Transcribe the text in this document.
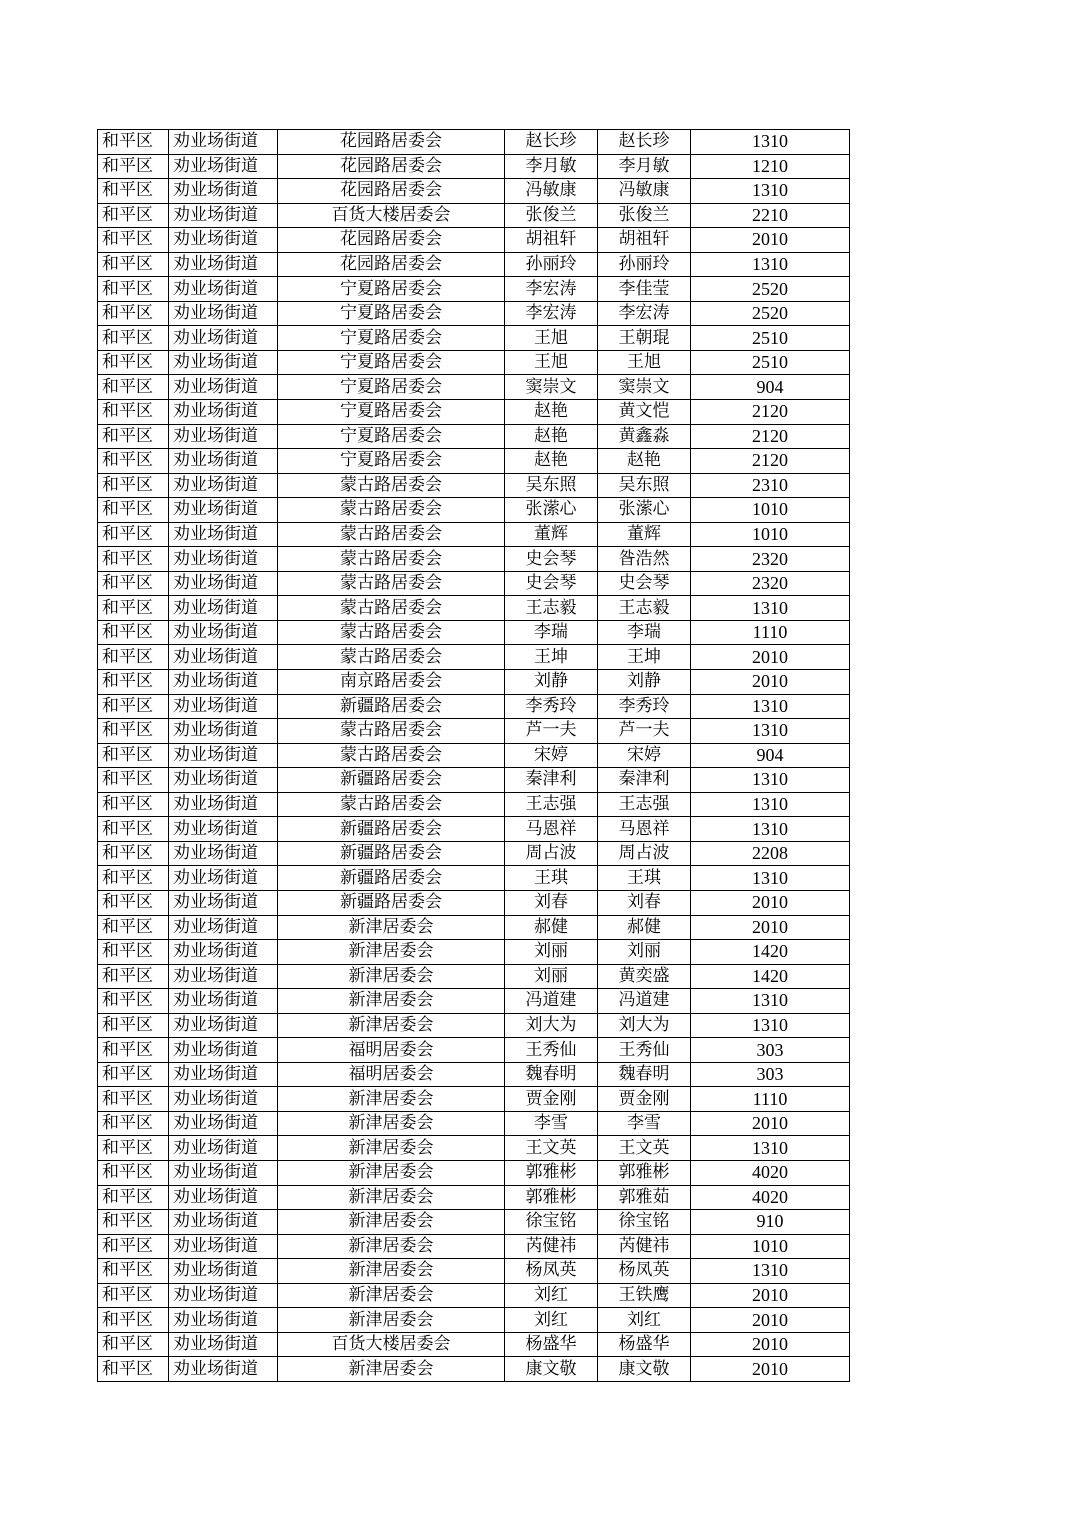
和平区	劝业场街道	花园路居委会	赵长珍	赵长珍	1310
和平区	劝业场街道	花园路居委会	李月敏	李月敏	1210
和平区	劝业场街道	花园路居委会	冯敏康	冯敏康	1310
和平区	劝业场街道	百货大楼居委会	张俊兰	张俊兰	2210
和平区	劝业场街道	花园路居委会	胡祖轩	胡祖轩	2010
和平区	劝业场街道	花园路居委会	孙丽玲	孙丽玲	1310
和平区	劝业场街道	宁夏路居委会	李宏涛	李佳莹	2520
和平区	劝业场街道	宁夏路居委会	李宏涛	李宏涛	2520
和平区	劝业场街道	宁夏路居委会	王旭	王朝琨	2510
和平区	劝业场街道	宁夏路居委会	王旭	王旭	2510
和平区	劝业场街道	宁夏路居委会	窦崇文	窦崇文	904
和平区	劝业场街道	宁夏路居委会	赵艳	黄文恺	2120
和平区	劝业场街道	宁夏路居委会	赵艳	黄鑫淼	2120
和平区	劝业场街道	宁夏路居委会	赵艳	赵艳	2120
和平区	劝业场街道	蒙古路居委会	吴东照	吴东照	2310
和平区	劝业场街道	蒙古路居委会	张潆心	张潆心	1010
和平区	劝业场街道	蒙古路居委会	董辉	董辉	1010
和平区	劝业场街道	蒙古路居委会	史会琴	昝浩然	2320
和平区	劝业场街道	蒙古路居委会	史会琴	史会琴	2320
和平区	劝业场街道	蒙古路居委会	王志毅	王志毅	1310
和平区	劝业场街道	蒙古路居委会	李瑞	李瑞	1110
和平区	劝业场街道	蒙古路居委会	王坤	王坤	2010
和平区	劝业场街道	南京路居委会	刘静	刘静	2010
和平区	劝业场街道	新疆路居委会	李秀玲	李秀玲	1310
和平区	劝业场街道	蒙古路居委会	芦一夫	芦一夫	1310
和平区	劝业场街道	蒙古路居委会	宋婷	宋婷	904
和平区	劝业场街道	新疆路居委会	秦津利	秦津利	1310
和平区	劝业场街道	蒙古路居委会	王志强	王志强	1310
和平区	劝业场街道	新疆路居委会	马恩祥	马恩祥	1310
和平区	劝业场街道	新疆路居委会	周占波	周占波	2208
和平区	劝业场街道	新疆路居委会	王琪	王琪	1310
和平区	劝业场街道	新疆路居委会	刘春	刘春	2010
和平区	劝业场街道	新津居委会	郝健	郝健	2010
和平区	劝业场街道	新津居委会	刘丽	刘丽	1420
和平区	劝业场街道	新津居委会	刘丽	黄奕盛	1420
和平区	劝业场街道	新津居委会	冯道建	冯道建	1310
和平区	劝业场街道	新津居委会	刘大为	刘大为	1310
和平区	劝业场街道	福明居委会	王秀仙	王秀仙	303
和平区	劝业场街道	福明居委会	魏春明	魏春明	303
和平区	劝业场街道	新津居委会	贾金刚	贾金刚	1110
和平区	劝业场街道	新津居委会	李雪	李雪	2010
和平区	劝业场街道	新津居委会	王文英	王文英	1310
和平区	劝业场街道	新津居委会	郭雅彬	郭雅彬	4020
和平区	劝业场街道	新津居委会	郭雅彬	郭雅茹	4020
和平区	劝业场街道	新津居委会	徐宝铭	徐宝铭	910
和平区	劝业场街道	新津居委会	芮健祎	芮健祎	1010
和平区	劝业场街道	新津居委会	杨凤英	杨凤英	1310
和平区	劝业场街道	新津居委会	刘红	王铁鹰	2010
和平区	劝业场街道	新津居委会	刘红	刘红	2010
和平区	劝业场街道	百货大楼居委会	杨盛华	杨盛华	2010
和平区	劝业场街道	新津居委会	康文敬	康文敬	2010
